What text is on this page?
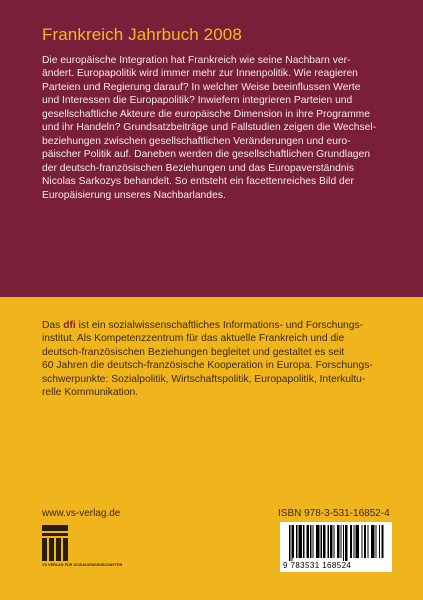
Frankreich Jahrbuch 2008
Die europäische Integration hat Frankreich wie seine Nachbarn ver-
ändert. Europapolitik wird immer mehr zur Innenpolitik. Wie reagieren
Parteien und Regierung darauf? In welcher Weise beeinflussen Werte
und Interessen die Europapolitik? Inwiefern integrieren Parteien und
gesellschaftliche Akteure die europäische Dimension in ihre Programme
und ihr Handeln? Grundsatzbeiträge und Fallstudien zeigen die Wechsel-
beziehungen zwischen gesellschaftlichen Veränderungen und euro-
päischer Politik auf. Daneben werden die gesellschaftlichen Grundlagen
der deutsch-französischen Beziehungen und das Europaverständnis
Nicolas Sarkozys behandelt. So entsteht ein facettenreiches Bild der
Europäisierung unseres Nachbarlandes.
Das dfi ist ein sozialwissenschaftliches Informations- und Forschungs-
institut. Als Kompetenzzentrum für das aktuelle Frankreich und die
deutsch-französischen Beziehungen begleitet und gestaltet es seit
60 Jahren die deutsch-französische Kooperation in Europa. Forschungs-
schwerpunkte: Sozialpolitik, Wirtschaftspolitik, Europapolitik, Interkultu-
relle Kommunikation.
www.vs-verlag.de
VS VERLAG FÜR SOZIALWISSENSCHAFTEN
ISBN 978-3-531-16852-4
9 783531 168524
